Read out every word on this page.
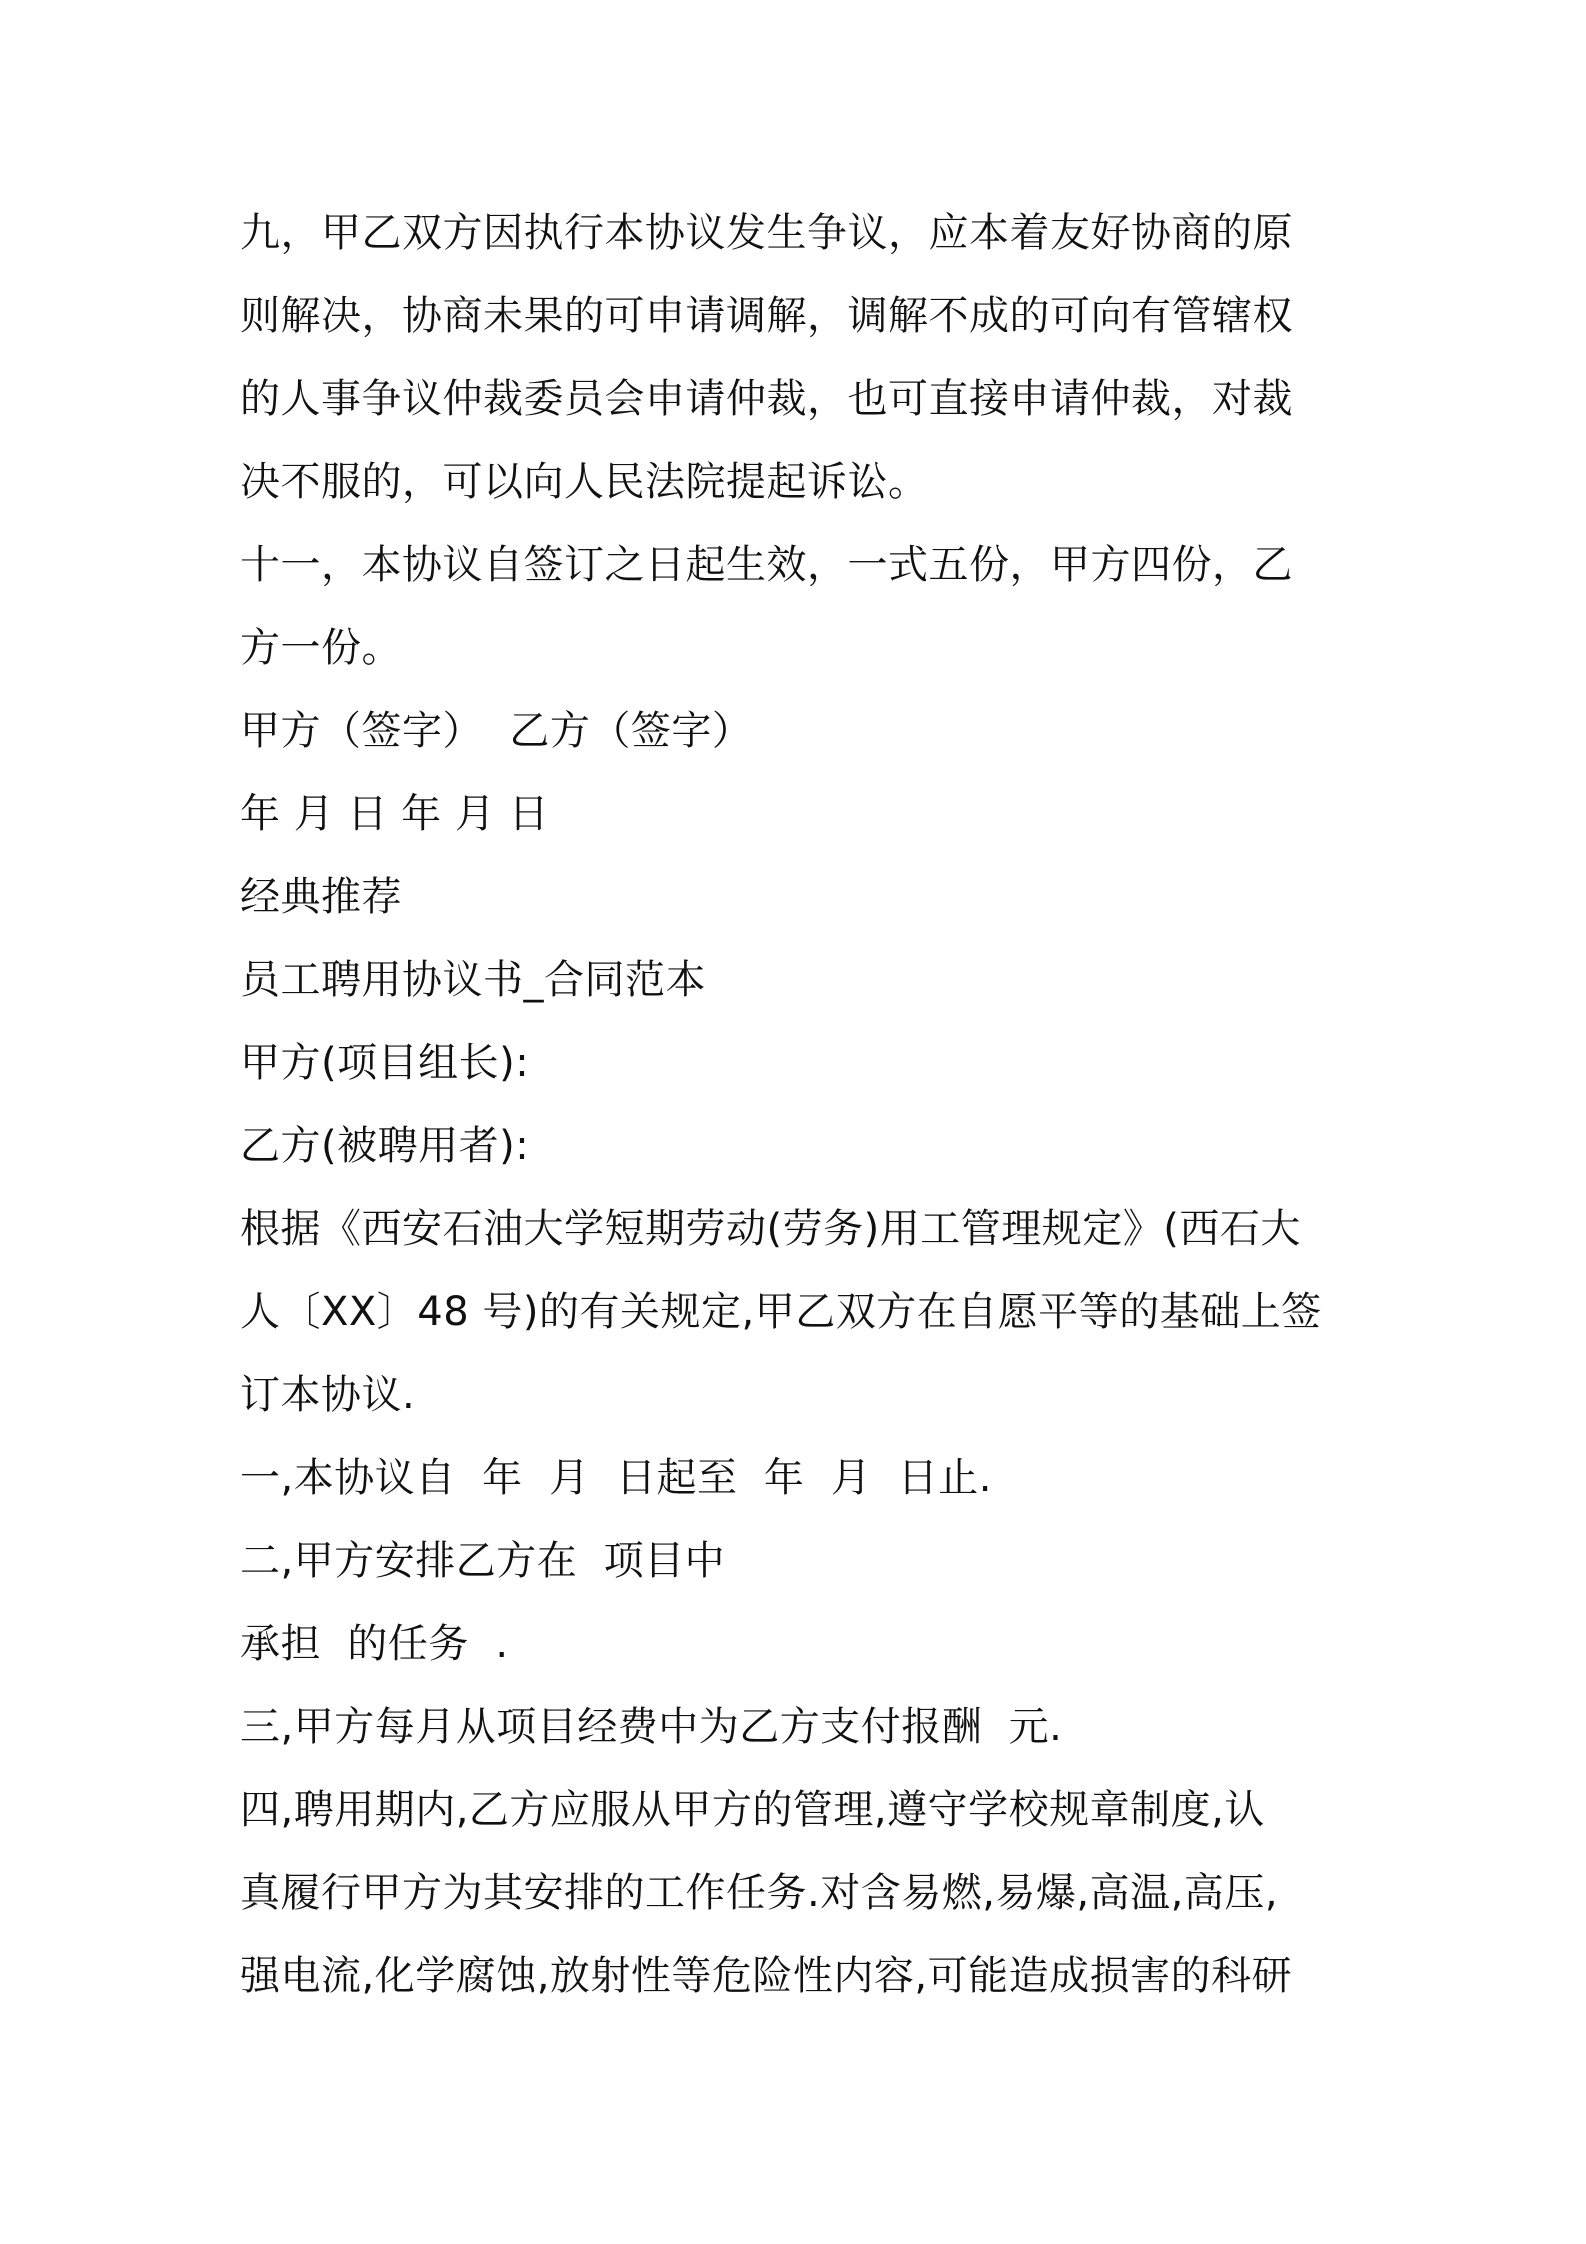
九，甲乙双方因执行本协议发生争议，应本着友好协商的原
则解决，协商未果的可申请调解，调解不成的可向有管辖权
的人事争议仲裁委员会申请仲裁，也可直接申请仲裁，对裁
决不服的，可以向人民法院提起诉讼。
十一，本协议自签订之日起生效，一式五份，甲方四份，乙
方一份。
甲方（签字）  乙方（签字）
年 月 日 年 月 日
经典推荐
员工聘用协议书_合同范本
甲方(项目组长):
乙方(被聘用者):
根据《西安石油大学短期劳动(劳务)用工管理规定》(西石大
人〔XX〕48 号)的有关规定,甲乙双方在自愿平等的基础上签
订本协议.
一,本协议自  年  月  日起至  年  月  日止.
二,甲方安排乙方在  项目中
承担  的任务  .
三,甲方每月从项目经费中为乙方支付报酬  元.
四,聘用期内,乙方应服从甲方的管理,遵守学校规章制度,认
真履行甲方为其安排的工作任务.对含易燃,易爆,高温,高压,
强电流,化学腐蚀,放射性等危险性内容,可能造成损害的科研
